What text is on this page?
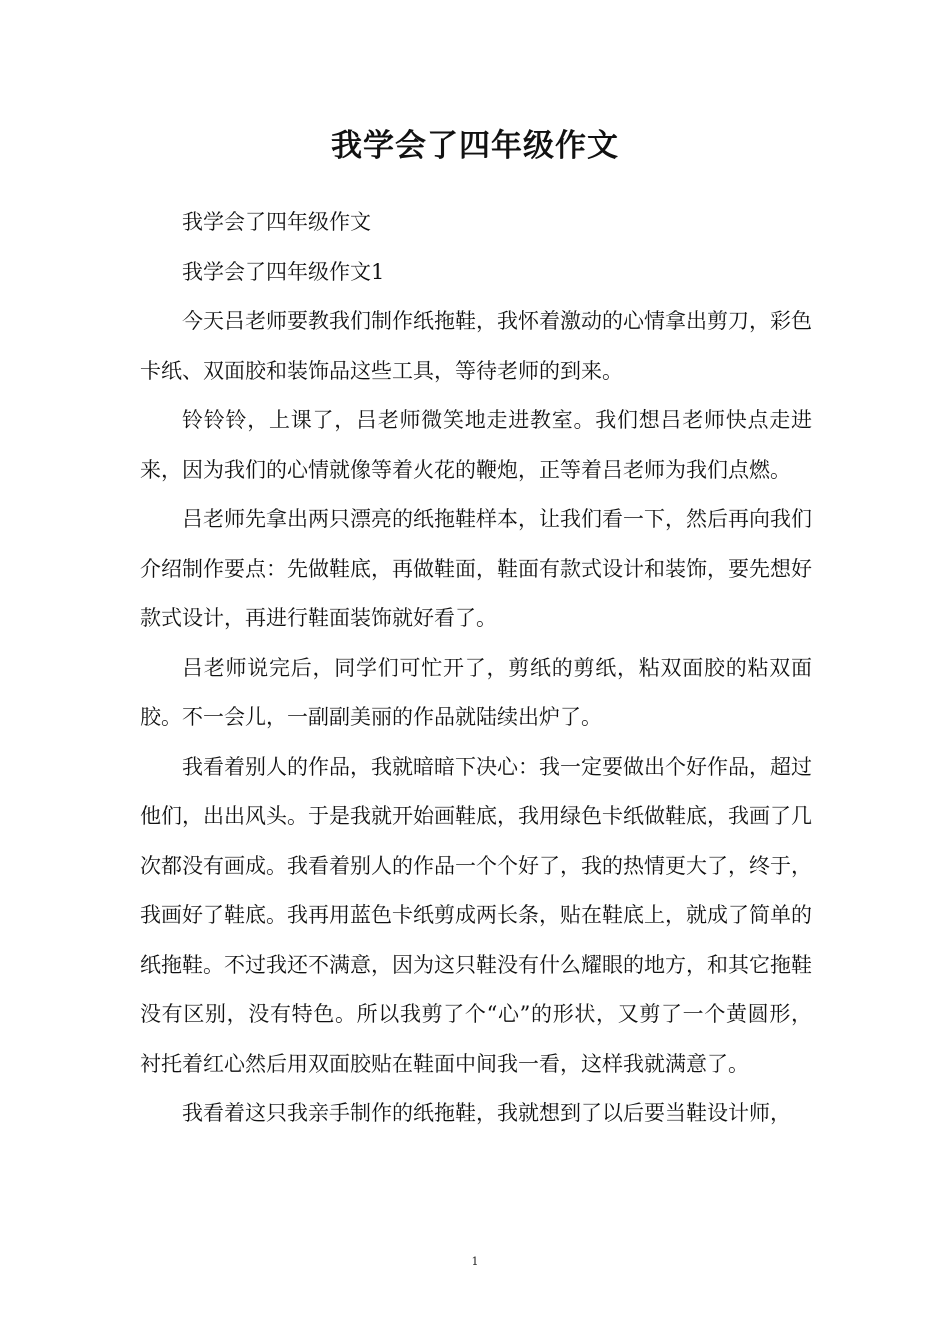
我学会了四年级作文

我学会了四年级作文

我学会了四年级作文1

今天吕老师要教我们制作纸拖鞋，我怀着激动的心情拿出剪刀，彩色卡纸、双面胶和装饰品这些工具，等待老师的到来。

铃铃铃，上课了，吕老师微笑地走进教室。我们想吕老师快点走进来，因为我们的心情就像等着火花的鞭炮，正等着吕老师为我们点燃。

吕老师先拿出两只漂亮的纸拖鞋样本，让我们看一下，然后再向我们介绍制作要点：先做鞋底，再做鞋面，鞋面有款式设计和装饰，要先想好款式设计，再进行鞋面装饰就好看了。

吕老师说完后，同学们可忙开了，剪纸的剪纸，粘双面胶的粘双面胶。不一会儿，一副副美丽的作品就陆续出炉了。

我看着别人的作品，我就暗暗下决心：我一定要做出个好作品，超过他们，出出风头。于是我就开始画鞋底，我用绿色卡纸做鞋底，我画了几次都没有画成。我看着别人的作品一个个好了，我的热情更大了，终于，我画好了鞋底。我再用蓝色卡纸剪成两长条，贴在鞋底上，就成了简单的纸拖鞋。不过我还不满意，因为这只鞋没有什么耀眼的地方，和其它拖鞋没有区别，没有特色。所以我剪了个“心”的形状，又剪了一个黄圆形，衬托着红心然后用双面胶贴在鞋面中间我一看，这样我就满意了。

我看着这只我亲手制作的纸拖鞋，我就想到了以后要当鞋设计师，

1
